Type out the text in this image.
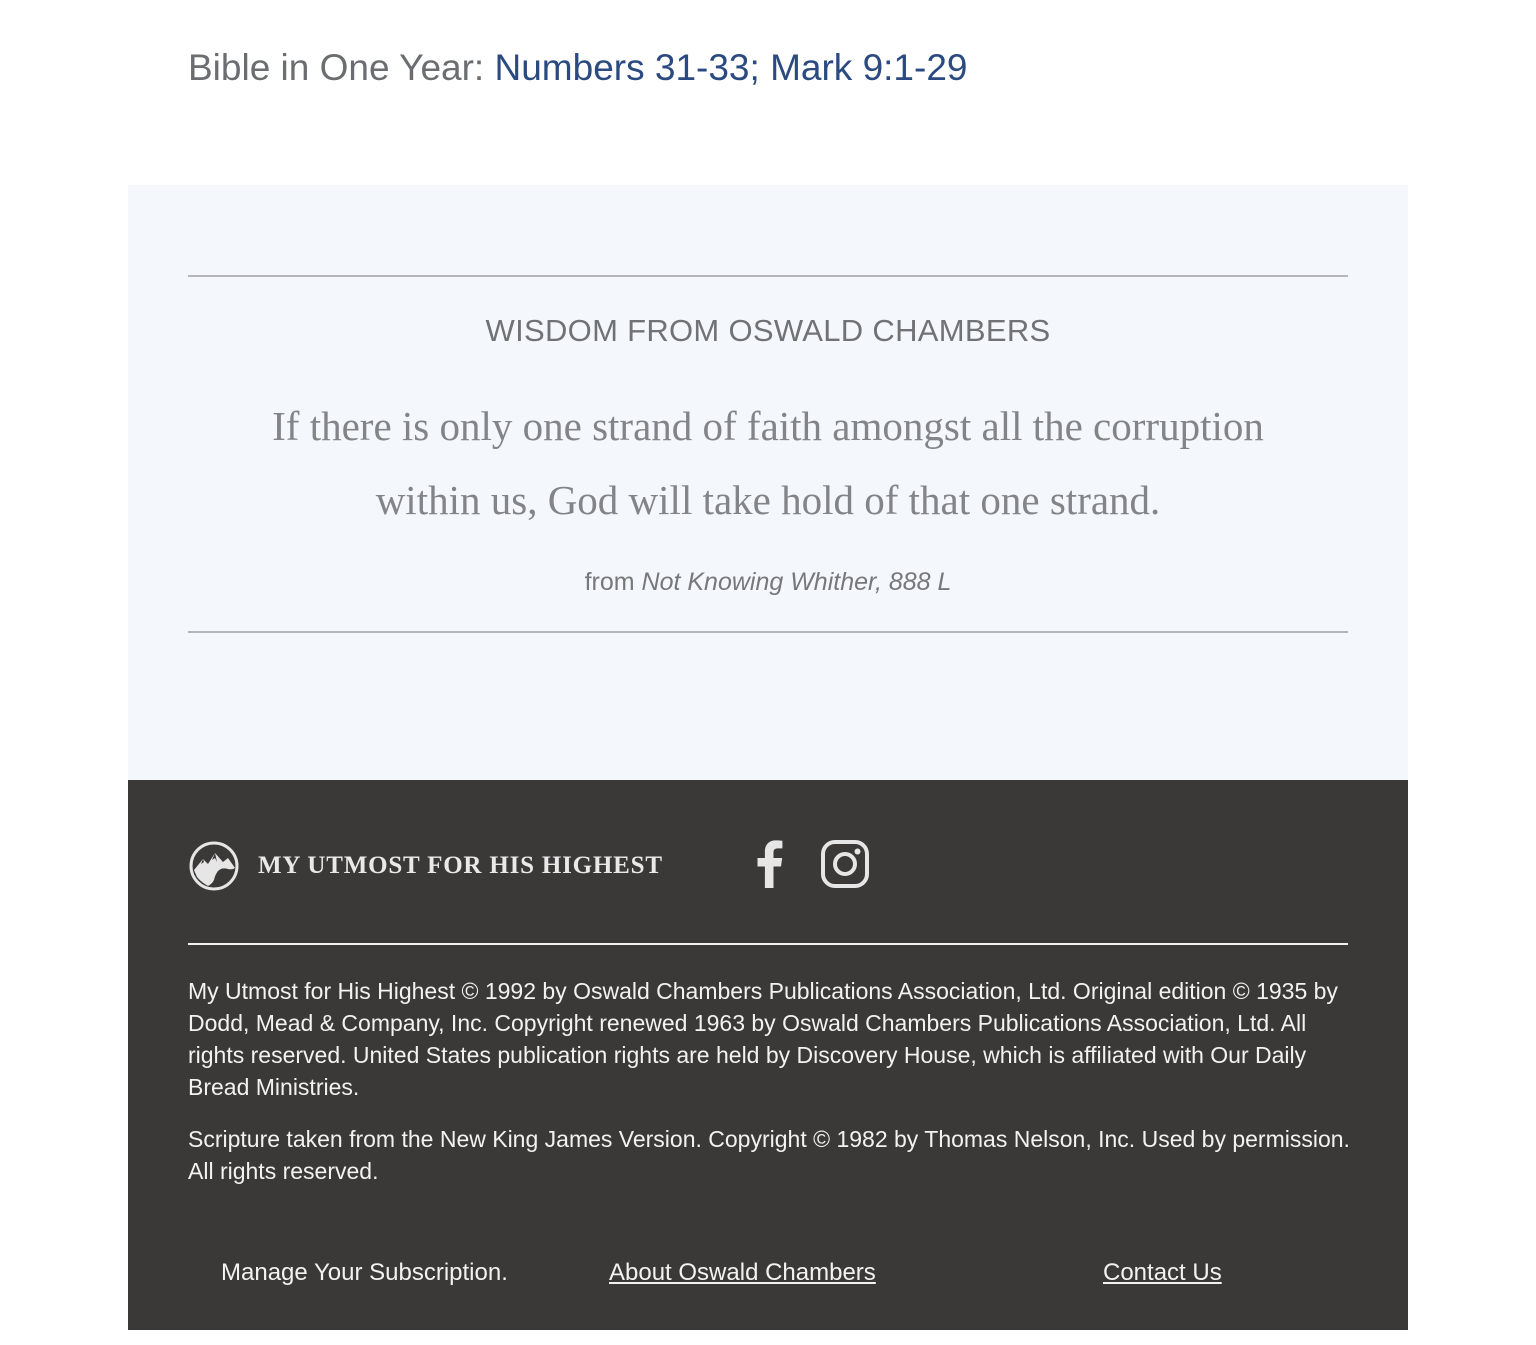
Bible in One Year: Numbers 31-33; Mark 9:1-29
WISDOM FROM OSWALD CHAMBERS
If there is only one strand of faith amongst all the corruption within us, God will take hold of that one strand.
from Not Knowing Whither, 888 L
MY UTMOST FOR HIS HIGHEST

My Utmost for His Highest © 1992 by Oswald Chambers Publications Association, Ltd. Original edition © 1935 by Dodd, Mead & Company, Inc. Copyright renewed 1963 by Oswald Chambers Publications Association, Ltd. All rights reserved. United States publication rights are held by Discovery House, which is affiliated with Our Daily Bread Ministries.

Scripture taken from the New King James Version. Copyright © 1982 by Thomas Nelson, Inc. Used by permission. All rights reserved.

Manage Your Subscription.	About Oswald Chambers	Contact Us
